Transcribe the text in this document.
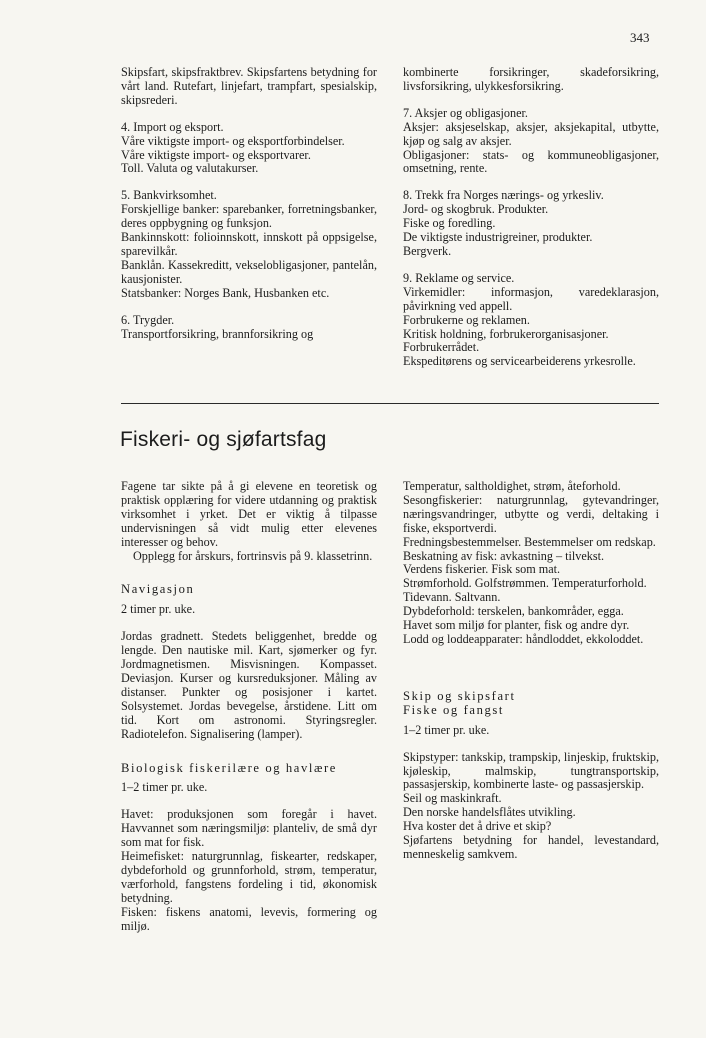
343

Skipsfart, skipsfraktbrev. Skipsfartens betydning for vårt land. Rutefart, linjefart, trampfart, spesialskip, skipsrederi.

4. Import og eksport.

Våre viktigste import- og eksportforbindelser.

Våre viktigste import- og eksportvarer.

Toll. Valuta og valutakurser.

5. Bankvirksomhet.

Forskjellige banker: sparebanker, forretningsbanker, deres oppbygning og funksjon.

Bankinnskott: folioinnskott, innskott på oppsigelse, sparevilkår.

Banklån. Kassekreditt, vekselobligasjoner, pantelån, kausjonister.

Statsbanker: Norges Bank, Husbanken etc.

6. Trygder.

Transportforsikring, brannforsikring og

kombinerte forsikringer, skadeforsikring, livsforsikring, ulykkesforsikring.

7. Aksjer og obligasjoner.

Aksjer: aksjeselskap, aksjer, aksjekapital, utbytte, kjøp og salg av aksjer.

Obligasjoner: stats- og kommuneobligasjoner, omsetning, rente.

8. Trekk fra Norges nærings- og yrkesliv.

Jord- og skogbruk. Produkter.

Fiske og foredling.

De viktigste industrigreiner, produkter.

Bergverk.

9. Reklame og service.

Virkemidler: informasjon, varedeklarasjon, påvirkning ved appell.

Forbrukerne og reklamen.

Kritisk holdning, forbrukerorganisasjoner.

Forbrukerrådet.

Ekspeditørens og servicearbeiderens yrkesrolle.

Fiskeri- og sjøfartsfag

Fagene tar sikte på å gi elevene en teoretisk og praktisk opplæring for videre utdanning og praktisk virksomhet i yrket. Det er viktig å tilpasse undervisningen så vidt mulig etter elevenes interesser og behov.

Opplegg for årskurs, fortrinsvis på 9. klassetrinn.

Navigasjon

2 timer pr. uke.

Jordas gradnett. Stedets beliggenhet, bredde og lengde. Den nautiske mil. Kart, sjømerker og fyr. Jordmagnetismen. Misvisningen. Kompasset. Deviasjon. Kurser og kursreduksjoner. Måling av distanser. Punkter og posisjoner i kartet. Solsystemet. Jordas bevegelse, årstidene. Litt om tid. Kort om astronomi. Styringsregler. Radiotelefon. Signalisering (lamper).

Biologisk fiskerilære og havlære

1–2 timer pr. uke.

Havet: produksjonen som foregår i havet. Havvannet som næringsmiljø: planteliv, de små dyr som mat for fisk.

Heimefisket: naturgrunnlag, fiskearter, redskaper, dybdeforhold og grunnforhold, strøm, temperatur, værforhold, fangstens fordeling i tid, økonomisk betydning.

Fisken: fiskens anatomi, levevis, formering og miljø.

Temperatur, saltholdighet, strøm, åteforhold.

Sesongfiskerier: naturgrunnlag, gytevandringer, næringsvandringer, utbytte og verdi, deltaking i fiske, eksportverdi.

Fredningsbestemmelser. Bestemmelser om redskap.

Beskatning av fisk: avkastning – tilvekst.

Verdens fiskerier. Fisk som mat.

Strømforhold. Golfstrømmen. Temperaturforhold.

Tidevann. Saltvann.

Dybdeforhold: terskelen, bankområder, egga.

Havet som miljø for planter, fisk og andre dyr.

Lodd og loddeapparater: håndloddet, ekkoloddet.

Skip og skipsfart

Fiske og fangst

1–2 timer pr. uke.

Skipstyper: tankskip, trampskip, linjeskip, fruktskip, kjøleskip, malmskip, tungtransportskip, passasjerskip, kombinerte laste- og passasjerskip.

Seil og maskinkraft.

Den norske handelsflåtes utvikling.

Hva koster det å drive et skip?

Sjøfartens betydning for handel, levestandard, menneskelig samkvem.
